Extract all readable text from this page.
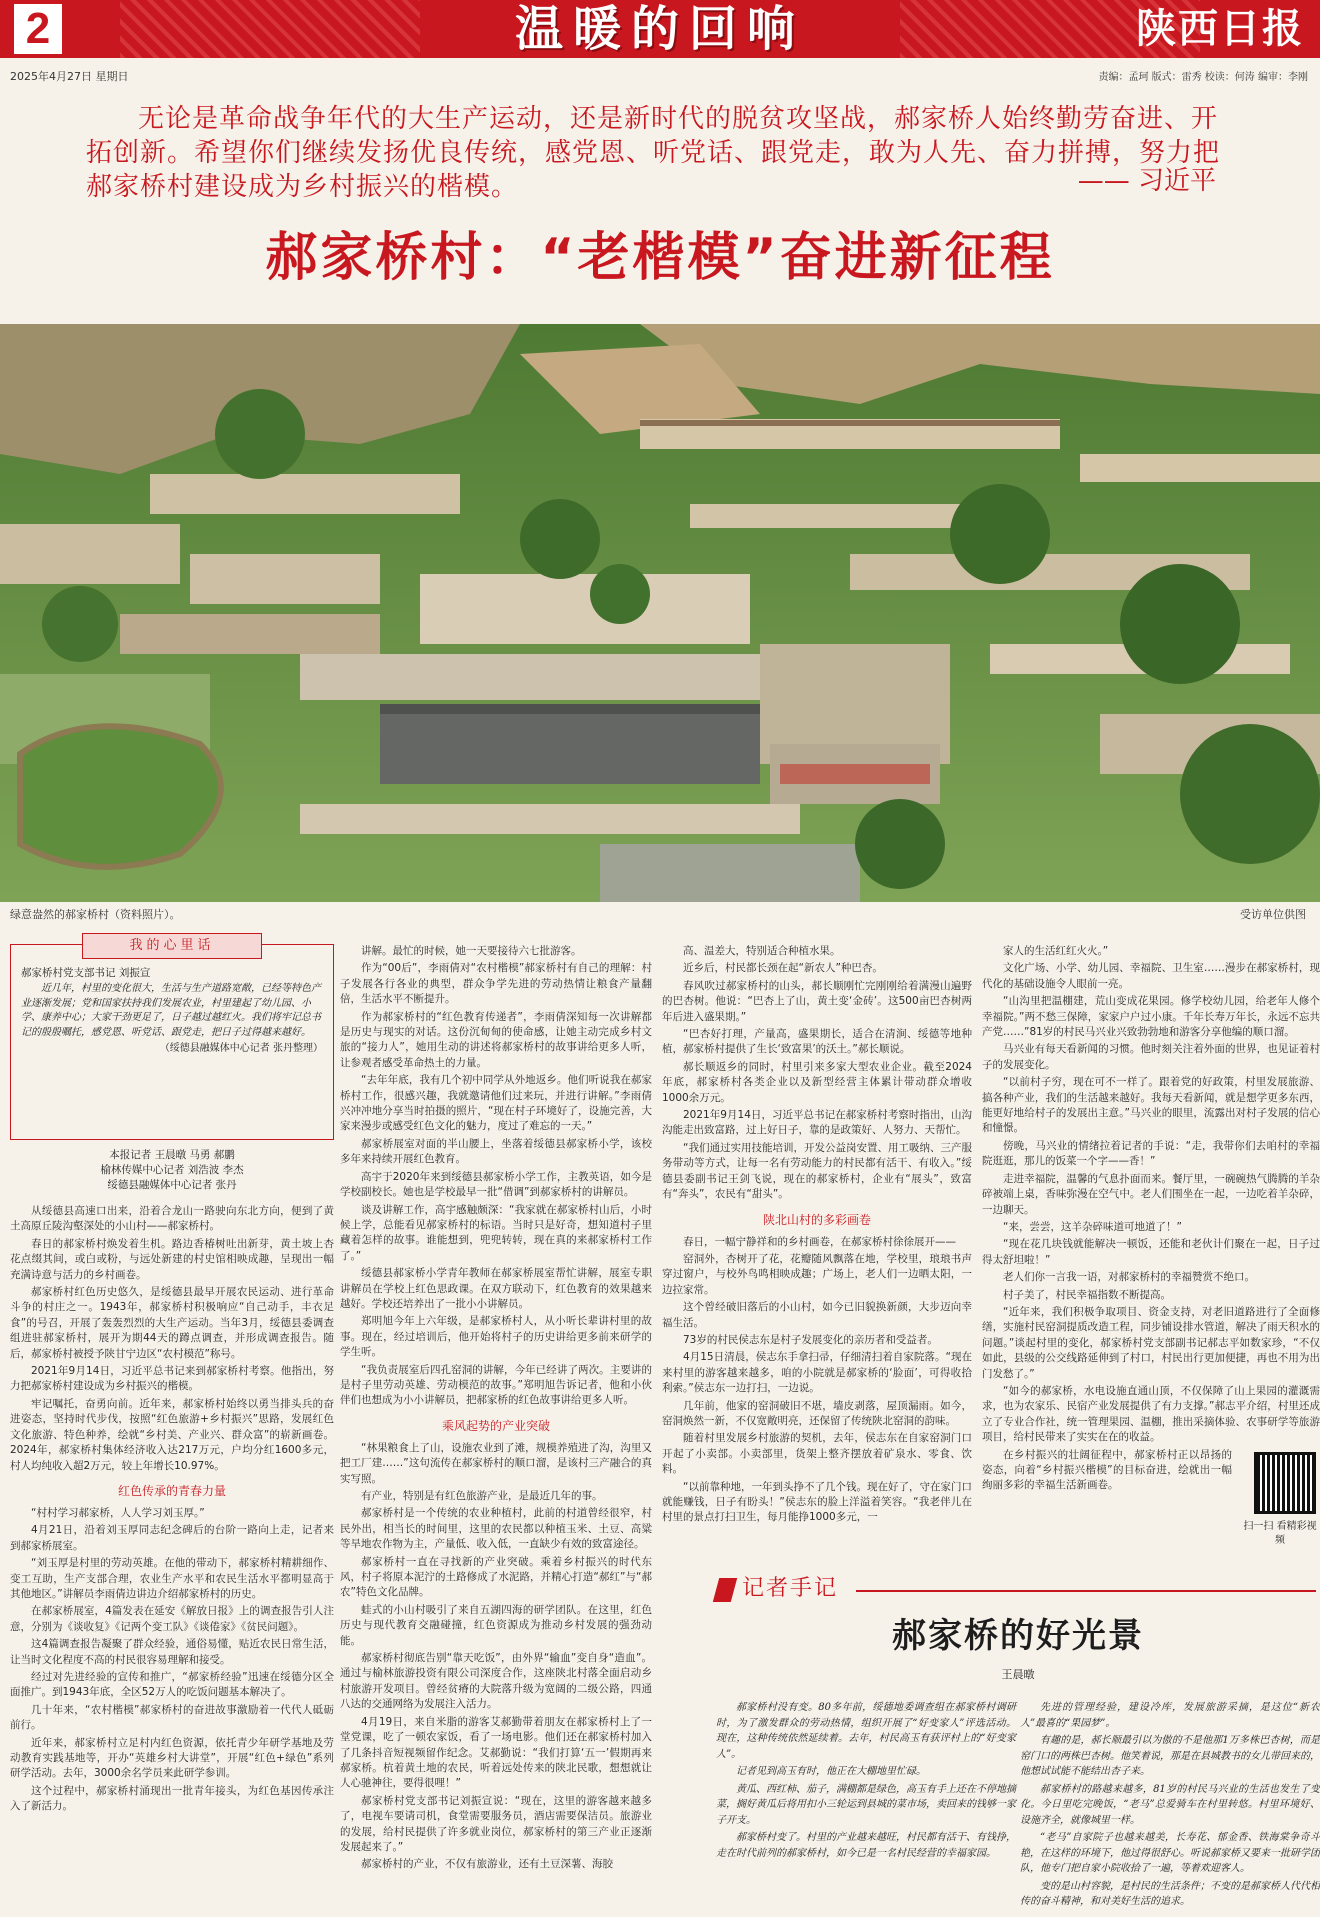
2	温暖的回响	陕西日报
2025年4月27日 星期日	责编：孟珂 版式：雷秀 校读：何涛 编审：李刚
无论是革命战争年代的大生产运动，还是新时代的脱贫攻坚战，郝家桥人始终勤劳奋进、开拓创新。希望你们继续发扬优良传统，感党恩、听党话、跟党走，敢为人先、奋力拼搏，努力把郝家桥村建设成为乡村振兴的楷模。	—— 习近平
郝家桥村：“老楷模”奋进新征程
绿意盎然的郝家桥村（资料照片）。	受访单位供图
我的心里话
郝家桥村党支部书记 刘振宣

近几年，村里的变化很大，生活与生产道路宽敞，已经等特色产业逐渐发展；党和国家扶持我们发展农业，村里建起了幼儿园、小学、康养中心；大家干劲更足了，日子越过越红火。我们将牢记总书记的殷殷嘱托，感党恩、听党话、跟党走，把日子过得越来越好。

（绥德县融媒体中心记者 张丹整理）

本报记者 王晨暾 马勇 郝鹏
榆林传媒中心记者 刘浩波 李杰
绥德县融媒体中心记者 张丹

从绥德县高速口出来，沿着合龙山一路驶向东北方向，便到了黄土高原丘陵沟壑深处的小山村——郝家桥村。

春日的郝家桥村焕发着生机。路边香椿树吐出新芽，黄土坡上杏花点缀其间，或白或粉，与远处新建的村史馆相映成趣，呈现出一幅充满诗意与活力的乡村画卷。

郝家桥村红色历史悠久，是绥德县最早开展农民运动、进行革命斗争的村庄之一。1943年，郝家桥村积极响应“自己动手，丰衣足食”的号召，开展了轰轰烈烈的大生产运动。当年3月，绥德县委调查组进驻郝家桥村，展开为期44天的蹲点调查，并形成调查报告。随后，郝家桥村被授予陕甘宁边区“农村模范”称号。

2021年9月14日，习近平总书记来到郝家桥村考察。他指出，努力把郝家桥村建设成为乡村振兴的楷模。

牢记嘱托，奋勇向前。近年来，郝家桥村始终以勇当排头兵的奋进姿态，坚持时代步伐，按照“红色旅游+乡村振兴”思路，发展红色文化旅游、特色种养，绘就“乡村美、产业兴、群众富”的崭新画卷。2024年，郝家桥村集体经济收入达217万元，户均分红1600多元，村人均纯收入超2万元，较上年增长10.97%。

红色传承的青春力量

“村村学习郝家桥，人人学习刘玉厚。”

4月21日，沿着刘玉厚同志纪念碑后的台阶一路向上走，记者来到郝家桥展室。

“刘玉厚是村里的劳动英雄。在他的带动下，郝家桥村精耕细作、变工互助，生产支部合理，农业生产水平和农民生活水平都明显高于其他地区。”讲解员李雨倩边讲边介绍郝家桥村的历史。

在郝家桥展室，4篇发表在延安《解放日报》上的调查报告引人注意，分别为《谈收复》《记两个变工队》《谈倦家》《贫民问题》。

这4篇调查报告凝聚了群众经验，通俗易懂，贴近农民日常生活，让当时文化程度不高的村民很容易理解和接受。

经过对先进经验的宣传和推广，“郝家桥经验”迅速在绥德分区全面推广。到1943年底，全区52万人的吃饭问题基本解决了。

几十年来，“农村楷模”郝家桥村的奋进故事激励着一代代人砥砺前行。

近年来，郝家桥村立足村内红色资源，依托青少年研学基地及劳动教育实践基地等，开办“英雄乡村大讲堂”，开展“红色+绿色”系列研学活动。去年，3000余名学员来此研学参训。

这个过程中，郝家桥村涌现出一批青年接头，为红色基因传承注入了新活力。

讲解。最忙的时候，她一天要接待六七批游客。

作为“00后”，李雨倩对“农村楷模”郝家桥村有自己的理解：村子发展各行各业的典型，群众争学先进的劳动热情让粮食产量翻倍，生活水平不断提升。

作为郝家桥村的“红色教育传递者”，李雨倩深知每一次讲解都是历史与现实的对话。这份沉甸甸的使命感，让她主动完成乡村文旅的“接力人”，她用生动的讲述将郝家桥村的故事讲给更多人听，让参观者感受革命热土的力量。

“去年年底，我有几个初中同学从外地返乡。他们听说我在郝家桥村工作，很感兴趣，我就邀请他们过来玩，并进行讲解。”李雨倩兴冲冲地分享当时拍摄的照片，“现在村子环境好了，设施完善，大家来漫步或感受红色文化的魅力，度过了难忘的一天。”

郝家桥展室对面的半山腰上，坐落着绥德县郝家桥小学，该校多年来持续开展红色教育。

高宇于2020年来到绥德县郝家桥小学工作，主教英语，如今是学校副校长。她也是学校最早一批“借调”到郝家桥村的讲解员。

谈及讲解工作，高宇感触颇深：“我家就在郝家桥村山后，小时候上学，总能看见郝家桥村的标语。当时只是好奇，想知道村子里藏着怎样的故事。谁能想到，兜兜转转，现在真的来郝家桥村工作了。”

绥德县郝家桥小学青年教师在郝家桥展室帮忙讲解，展室专职讲解员在学校上红色思政课。在双方联动下，红色教育的效果越来越好。学校还培养出了一批小小讲解员。

郑明旭今年上六年级，是郝家桥村人，从小听长辈讲村里的故事。现在，经过培训后，他开始将村子的历史讲给更多前来研学的学生听。

“我负责展室后四孔窑洞的讲解，今年已经讲了两次。主要讲的是村子里劳动英雄、劳动模范的故事。”郑明旭告诉记者，他和小伙伴们也想成为小小讲解员，把郝家桥的红色故事讲给更多人听。

乘风起势的产业突破

“林果粮食上了山，设施农业到了滩，规模养殖进了沟，沟里又把工厂建……”这句流传在郝家桥村的顺口溜，是该村三产融合的真实写照。

有产业，特别是有红色旅游产业，是最近几年的事。

郝家桥村是一个传统的农业种植村，此前的村道曾经很窄，村民外出，相当长的时间里，这里的农民都以种植玉米、土豆、高粱等旱地农作物为主，产量低、收入低，一直缺少有效的致富途径。

郝家桥村一直在寻找新的产业突破。乘着乡村振兴的时代东风，村子将原本泥泞的土路修成了水泥路，并精心打造“郝红”与“郝农”特色文化品牌。

蛙式的小山村吸引了来自五湖四海的研学团队。在这里，红色历史与现代教育交融碰撞，红色资源成为推动乡村发展的强劲动能。

郝家桥村彻底告别“靠天吃饭”，由外界“输血”变自身“造血”。通过与榆林旅游投资有限公司深度合作，这座陕北村落全面启动乡村旅游开发项目。曾经贫瘠的大院落升级为宽阔的二级公路，四通八达的交通网络为发展注入活力。

4月19日，来自米脂的游客艾郝勤带着朋友在郝家桥村上了一堂党课，吃了一顿农家饭，看了一场电影。他们还在郝家桥村加入了几条抖音短视频留作纪念。艾郝勤说：“我们打算‘五一’假期再来郝家桥。杭着黄土地的农民，听着远处传来的陕北民歌，想想就让人心驰神往，要得很哩！”

郝家桥村党支部书记刘振宣说：“现在，这里的游客越来越多了，电视车要请司机，食堂需要服务员，酒店需要保洁员。旅游业的发展，给村民提供了许多就业岗位，郝家桥村的第三产业正逐渐发展起来了。”

郝家桥村的产业，不仅有旅游业，还有土豆深薯、海胶

高、温差大，特别适合种植水果。

近乡后，村民都长颈在起“新农人”种巴杏。

春风吹过郝家桥村的山头，郝长顺刚忙完刚刚给着满漫山遍野的巴杏树。他说：“巴杏上了山，黄土变‘金砖’。这500亩巴杏树两年后进入盛果期。”

“巴杏好打理，产量高，盛果期长，适合在清涧、绥德等地种植，郝家桥村提供了生长‘致富果’的沃土。”郝长顺说。

郝长顺返乡的同时，村里引来多家大型农业企业。截至2024年底，郝家桥村各类企业以及新型经营主体累计带动群众增收1000余万元。

2021年9月14日，习近平总书记在郝家桥村考察时指出，山沟沟能走出致富路，过上好日子，靠的是政策好、人努力、天帮忙。

“我们通过实用技能培训，开发公益岗安置、用工吸纳、三产服务带动等方式，让每一名有劳动能力的村民都有活干、有收入。”绥德县委副书记王剑飞说，现在的郝家桥村，企业有“展头”，致富有“奔头”，农民有“甜头”。

陕北山村的多彩画卷

春日，一幅宁静祥和的乡村画卷，在郝家桥村徐徐展开——

窑洞外，杏树开了花，花瓣随风飘落在地，学校里，琅琅书声穿过窗户，与校外鸟鸣相映成趣；广场上，老人们一边晒太阳，一边拉家常。

这个曾经破旧落后的小山村，如今已旧貌换新颜，大步迈向幸福生活。

73岁的村民侯志东是村子发展变化的亲历者和受益者。

4月15日清晨，侯志东手拿扫帚，仔细清扫着自家院落。“现在来村里的游客越来越多，咱的小院就是郝家桥的‘脸面’，可得收拾利索。”侯志东一边打扫，一边说。

几年前，他家的窑洞破旧不堪，墙皮剥落，屋顶漏雨。如今，窑洞焕然一新，不仅宽敞明亮，还保留了传统陕北窑洞的韵味。

随着村里发展乡村旅游的契机，去年，侯志东在自家窑洞门口开起了小卖部。小卖部里，货架上整齐摆放着矿泉水、零食、饮料。

“以前靠种地，一年到头挣不了几个钱。现在好了，守在家门口就能赚钱，日子有盼头！”侯志东的脸上洋溢着笑容。“我老伴儿在村里的景点打扫卫生，每月能挣1000多元，一

家人的生活红红火火。”

文化广场、小学、幼儿园、幸福院、卫生室……漫步在郝家桥村，现代化的基础设施令人眼前一亮。

“山沟里把温棚建，荒山变成花果园。修学校幼儿园，给老年人修个幸福院。”两不愁三保障，家家户户过小康。千年长寿万年长，永远不忘共产党……”81岁的村民马兴业兴致勃勃地和游客分享他编的顺口溜。

马兴业有每天看新闻的习惯。他时刻关注着外面的世界，也见证着村子的发展变化。

“以前村子穷，现在可不一样了。跟着党的好政策，村里发展旅游、搞各种产业，我们的生活越来越好。我每天看新闻，就是想学更多东西，能更好地给村子的发展出主意。”马兴业的眼里，流露出对村子发展的信心和憧憬。

傍晚，马兴业的情绪拉着记者的手说：“走，我带你们去咱村的幸福院逛逛，那儿的饭菜一个字——香！”

走进幸福院，温馨的气息扑面而来。餐厅里，一碗碗热气腾腾的羊杂碎被端上桌，香味弥漫在空气中。老人们围坐在一起，一边吃着羊杂碎，一边聊天。

“来，尝尝，这羊杂碎味道可地道了！”

“现在花几块钱就能解决一顿饭，还能和老伙计们聚在一起，日子过得太舒坦啦！”

老人们你一言我一语，对郝家桥村的幸福赞赏不绝口。

村子美了，村民幸福指数不断提高。

“近年来，我们积极争取项目、资金支持，对老旧道路进行了全面修缮，实施村民窑洞提质改造工程，同步铺设排水管道，解决了雨天积水的问题。”谈起村里的变化，郝家桥村党支部副书记郝志平如数家珍，“不仅如此，县级的公交线路延伸到了村口，村民出行更加便捷，再也不用为出门发愁了。”

“如今的郝家桥，水电设施直通山顶，不仅保障了山上果园的灌溉需求，也为农家乐、民宿产业发展提供了有力支撑。”郝志平介绍，村里还成立了专业合作社，统一管理果园、温棚，推出采摘体验、农事研学等旅游项目，给村民带来了实实在在的收益。

在乡村振兴的壮阔征程中，郝家桥村正以昂扬的姿态，向着“乡村振兴楷模”的目标奋进，绘就出一幅绚丽多彩的幸福生活新画卷。

扫一扫 看精彩视频
记者手记
郝家桥的好光景
王晨暾

郝家桥村没有变。80多年前，绥德地委调查组在郝家桥村调研时，为了激发群众的劳动热情，组织开展了“好变家人”评选活动。现在，这种传统依然延续着。去年，村民高玉有获评村上的“好变家人”。

记者见到高玉有时，他正在大棚地里忙碌。

黄瓜、西红柿、茄子，满棚都是绿色，高玉有手上还在不停地摘菜，搁好黄瓜后将用扣小三轮运到县城的菜市场，卖回来的钱够一家子开支。

郝家桥村变了。村里的产业越来越旺，村民都有活干、有钱挣，走在时代前列的郝家桥村，如今已是一名村民经营的幸福家园。

先进的管理经验，建设冷库，发展旅游采摘，是这位“新农人”最喜的“果园梦”。

有趣的是，郝长顺最引以为傲的不是他那1万多株巴杏树，而是窑门口的两株巴杏树。他笑着说，那是在县城教书的女儿带回来的，他想试试能不能结出杏子来。

郝家桥村的路越来越多，81岁的村民马兴业的生活也发生了变化。今日里吃完晚饭，“老马”总爱骑车在村里转悠。村里环境好、设施齐全，就像城里一样。

“老马”自家院子也越来越美，长寿花、郁金香、铁海棠争奇斗艳，在这样的环境下，他过得很舒心。听说郝家桥又要来一批研学团队，他专门把自家小院收拾了一遍，等着欢迎客人。

变的是山村容貌，是村民的生活条件；不变的是郝家桥人代代相传的奋斗精神，和对美好生活的追求。
